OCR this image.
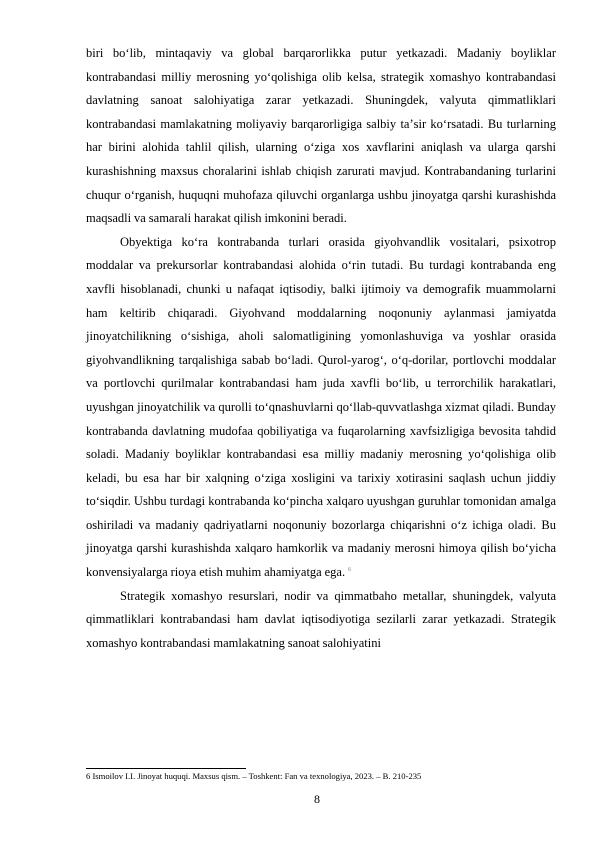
biri boʻlib, mintaqaviy va global barqarorlikka putur yetkazadi. Madaniy boyliklar kontrabandasi milliy merosning yoʻqolishiga olib kelsa, strategik xomashyo kontrabandasi davlatning sanoat salohiyatiga zarar yetkazadi. Shuningdek, valyuta qimmatliklari kontrabandasi mamlakatning moliyaviy barqarorligiga salbiy taʼsir koʻrsatadi. Bu turlarning har birini alohida tahlil qilish, ularning oʻziga xos xavflarini aniqlash va ularga qarshi kurashishning maxsus choralarini ishlab chiqish zarurati mavjud. Kontrabandaning turlarini chuqur oʻrganish, huquqni muhofaza qiluvchi organlarga ushbu jinoyatga qarshi kurashishda maqsadli va samarali harakat qilish imkonini beradi.

Obyektiga koʻra kontrabanda turlari orasida giyohvandlik vositalari, psixotrop moddalar va prekursorlar kontrabandasi alohida oʻrin tutadi. Bu turdagi kontrabanda eng xavfli hisoblanadi, chunki u nafaqat iqtisodiy, balki ijtimoiy va demografik muammolarni ham keltirib chiqaradi. Giyohvand moddalarning noqonuniy aylanmasi jamiyatda jinoyatchilikning oʻsishiga, aholi salomatligining yomonlashuviga va yoshlar orasida giyohvandlikning tarqalishiga sabab boʻladi. Qurol-yarogʻ, oʻq-dorilar, portlovchi moddalar va portlovchi qurilmalar kontrabandasi ham juda xavfli boʻlib, u terrorchilik harakatlari, uyushgan jinoyatchilik va qurolli toʻqnashuvlarni qoʻllab-quvvatlashga xizmat qiladi. Bunday kontrabanda davlatning mudofaa qobiliyatiga va fuqarolarning xavfsizligiga bevosita tahdid soladi. Madaniy boyliklar kontrabandasi esa milliy madaniy merosning yoʻqolishiga olib keladi, bu esa har bir xalqning oʻziga xosligini va tarixiy xotirasini saqlash uchun jiddiy toʻsiqdir. Ushbu turdagi kontrabanda koʻpincha xalqaro uyushgan guruhlar tomonidan amalga oshiriladi va madaniy qadriyatlarni noqonuniy bozorlarga chiqarishni oʻz ichiga oladi. Bu jinoyatga qarshi kurashishda xalqaro hamkorlik va madaniy merosni himoya qilish boʻyicha konvensiyalarga rioya etish muhim ahamiyatga ega. $^6$

Strategik xomashyo resurslari, nodir va qimmatbaho metallar, shuningdek, valyuta qimmatliklari kontrabandasi ham davlat iqtisodiyotiga sezilarli zarar yetkazadi. Strategik xomashyo kontrabandasi mamlakatning sanoat salohiyatini

6 Ismoilov I.I. Jinoyat huquqi. Maxsus qism. – Toshkent: Fan va texnologiya, 2023. – B. 210-235
8
